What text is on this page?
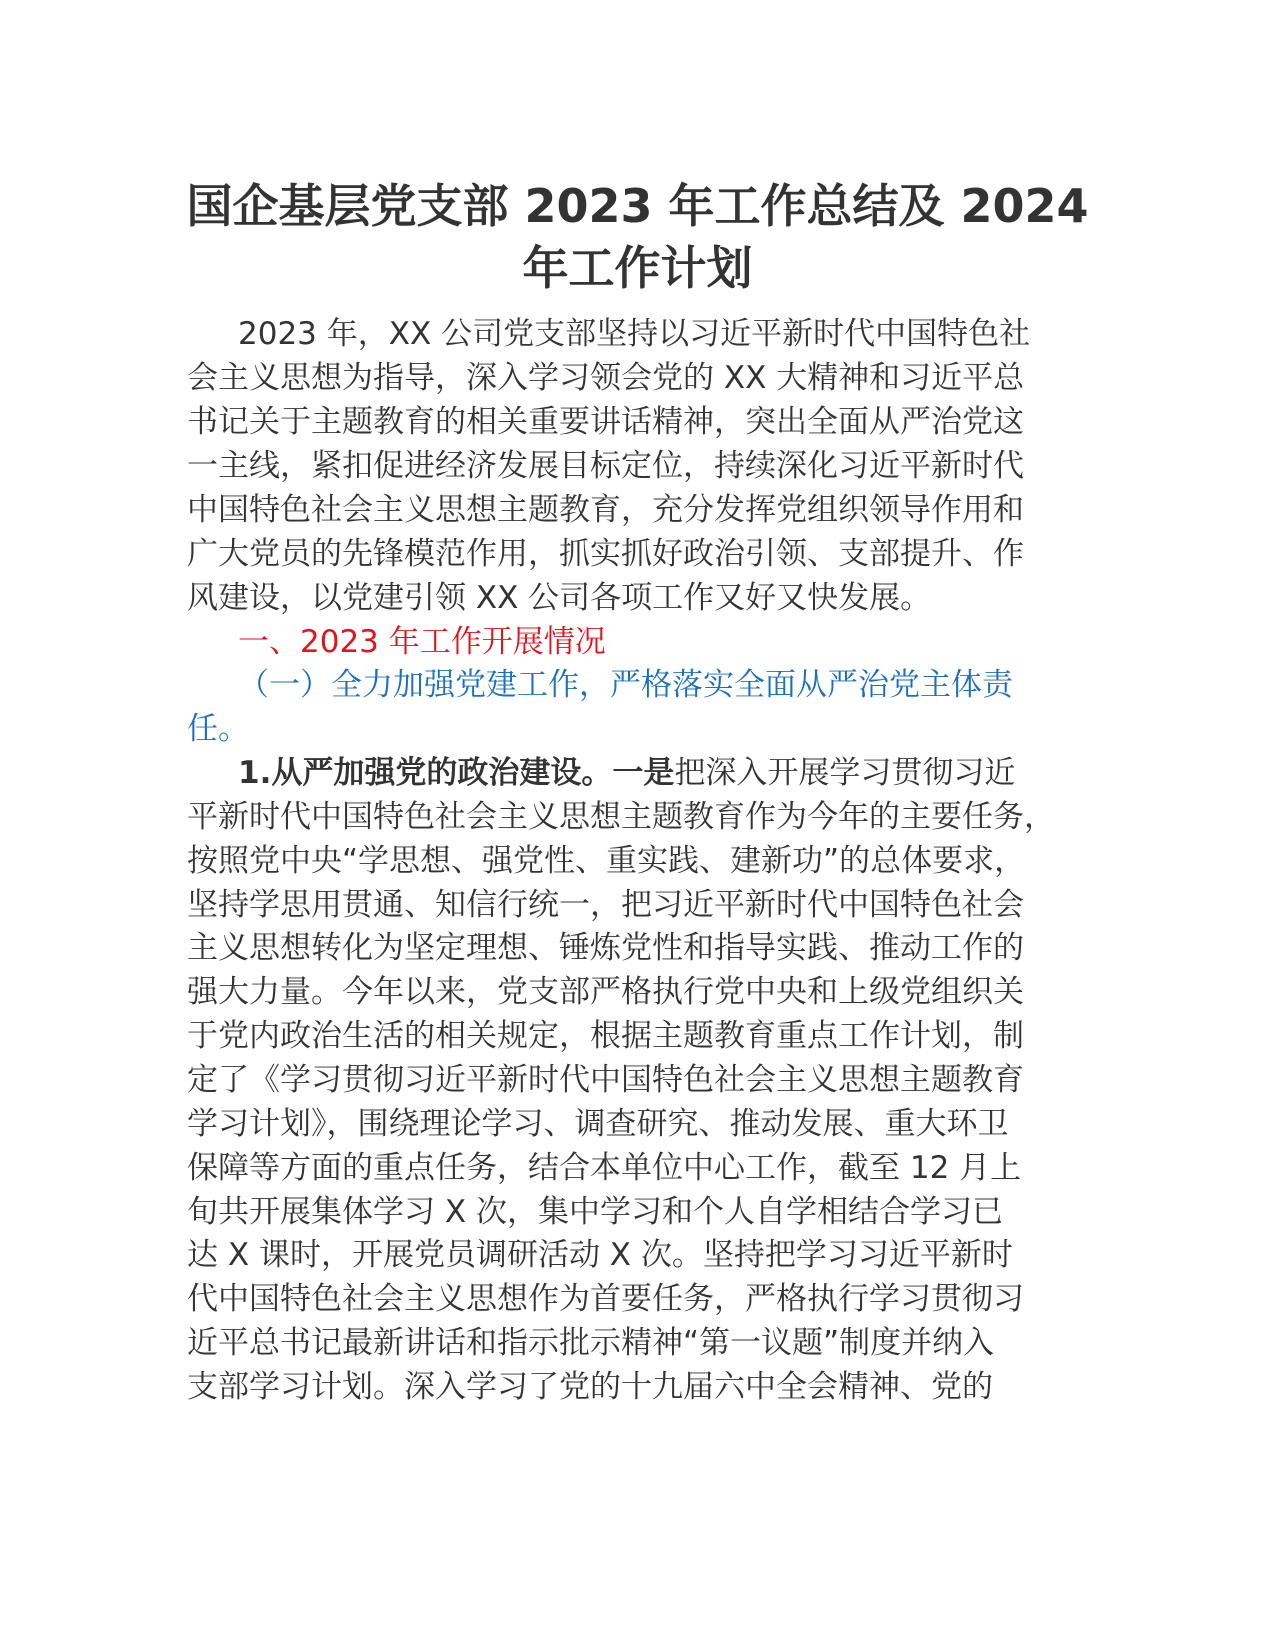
国企基层党支部 2023 年工作总结及 2024
年工作计划
2023 年，XX 公司党支部坚持以习近平新时代中国特色社
会主义思想为指导，深入学习领会党的 XX 大精神和习近平总
书记关于主题教育的相关重要讲话精神，突出全面从严治党这
一主线，紧扣促进经济发展目标定位，持续深化习近平新时代
中国特色社会主义思想主题教育，充分发挥党组织领导作用和
广大党员的先锋模范作用，抓实抓好政治引领、支部提升、作
风建设，以党建引领 XX 公司各项工作又好又快发展。
一、2023 年工作开展情况
（一）全力加强党建工作，严格落实全面从严治党主体责
任。
1.从严加强党的政治建设。一是把深入开展学习贯彻习近
平新时代中国特色社会主义思想主题教育作为今年的主要任务，
按照党中央“学思想、强党性、重实践、建新功”的总体要求，
坚持学思用贯通、知信行统一，把习近平新时代中国特色社会
主义思想转化为坚定理想、锤炼党性和指导实践、推动工作的
强大力量。今年以来，党支部严格执行党中央和上级党组织关
于党内政治生活的相关规定，根据主题教育重点工作计划，制
定了《学习贯彻习近平新时代中国特色社会主义思想主题教育
学习计划》，围绕理论学习、调查研究、推动发展、重大环卫
保障等方面的重点任务，结合本单位中心工作，截至 12 月上
旬共开展集体学习 X 次，集中学习和个人自学相结合学习已
达 X 课时，开展党员调研活动 X 次。坚持把学习习近平新时
代中国特色社会主义思想作为首要任务，严格执行学习贯彻习
近平总书记最新讲话和指示批示精神“第一议题”制度并纳入
支部学习计划。深入学习了党的十九届六中全会精神、党的
